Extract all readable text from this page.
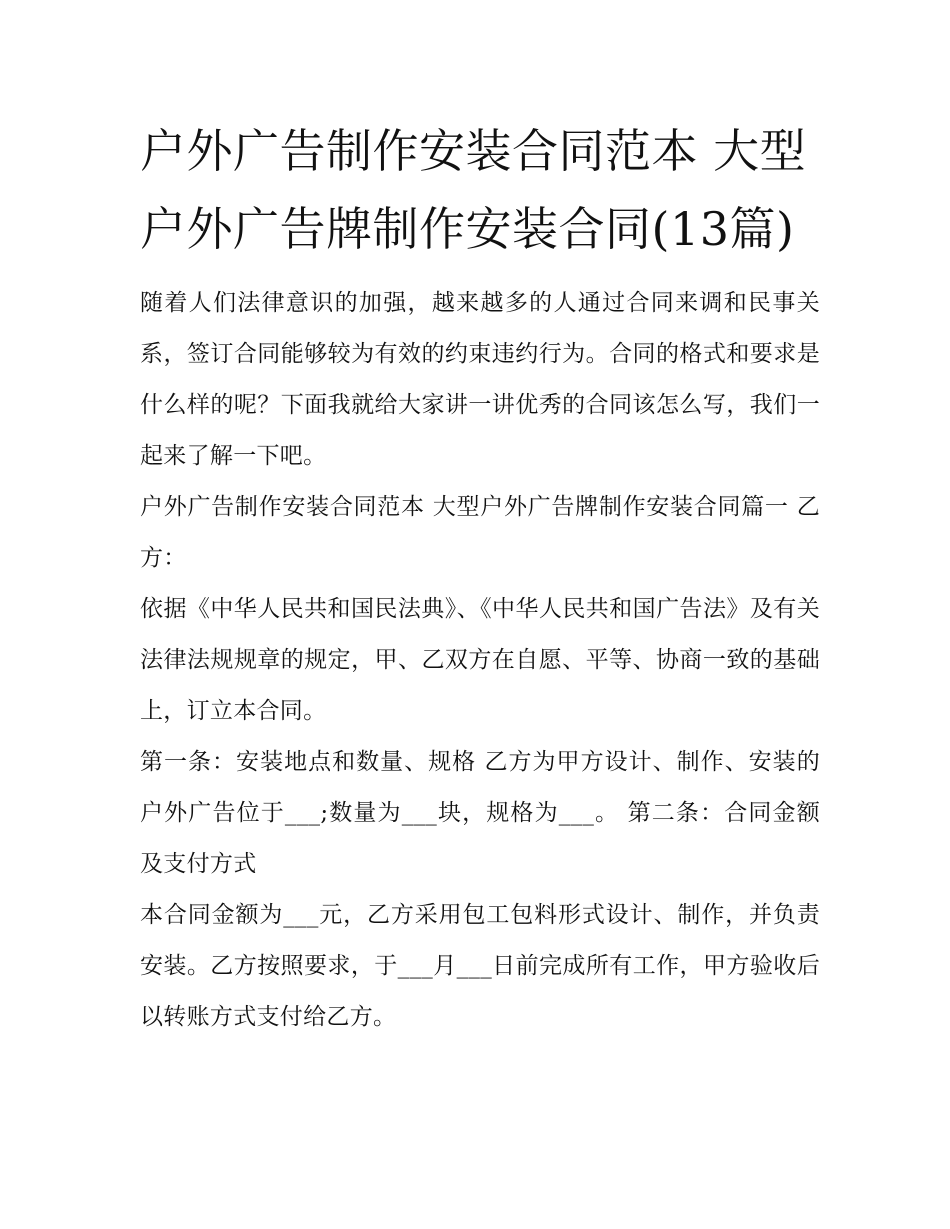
户外广告制作安装合同范本 大型户外广告牌制作安装合同(13篇)

随着人们法律意识的加强，越来越多的人通过合同来调和民事关系，签订合同能够较为有效的约束违约行为。合同的格式和要求是什么样的呢？下面我就给大家讲一讲优秀的合同该怎么写，我们一起来了解一下吧。

户外广告制作安装合同范本 大型户外广告牌制作安装合同篇一 乙方：

依据《中华人民共和国民法典》、《中华人民共和国广告法》及有关法律法规规章的规定，甲、乙双方在自愿、平等、协商一致的基础上，订立本合同。

第一条：安装地点和数量、规格 乙方为甲方设计、制作、安装的户外广告位于___;数量为___块，规格为___。 第二条：合同金额及支付方式

本合同金额为___元，乙方采用包工包料形式设计、制作，并负责安装。乙方按照要求，于___月___日前完成所有工作，甲方验收后以转账方式支付给乙方。
